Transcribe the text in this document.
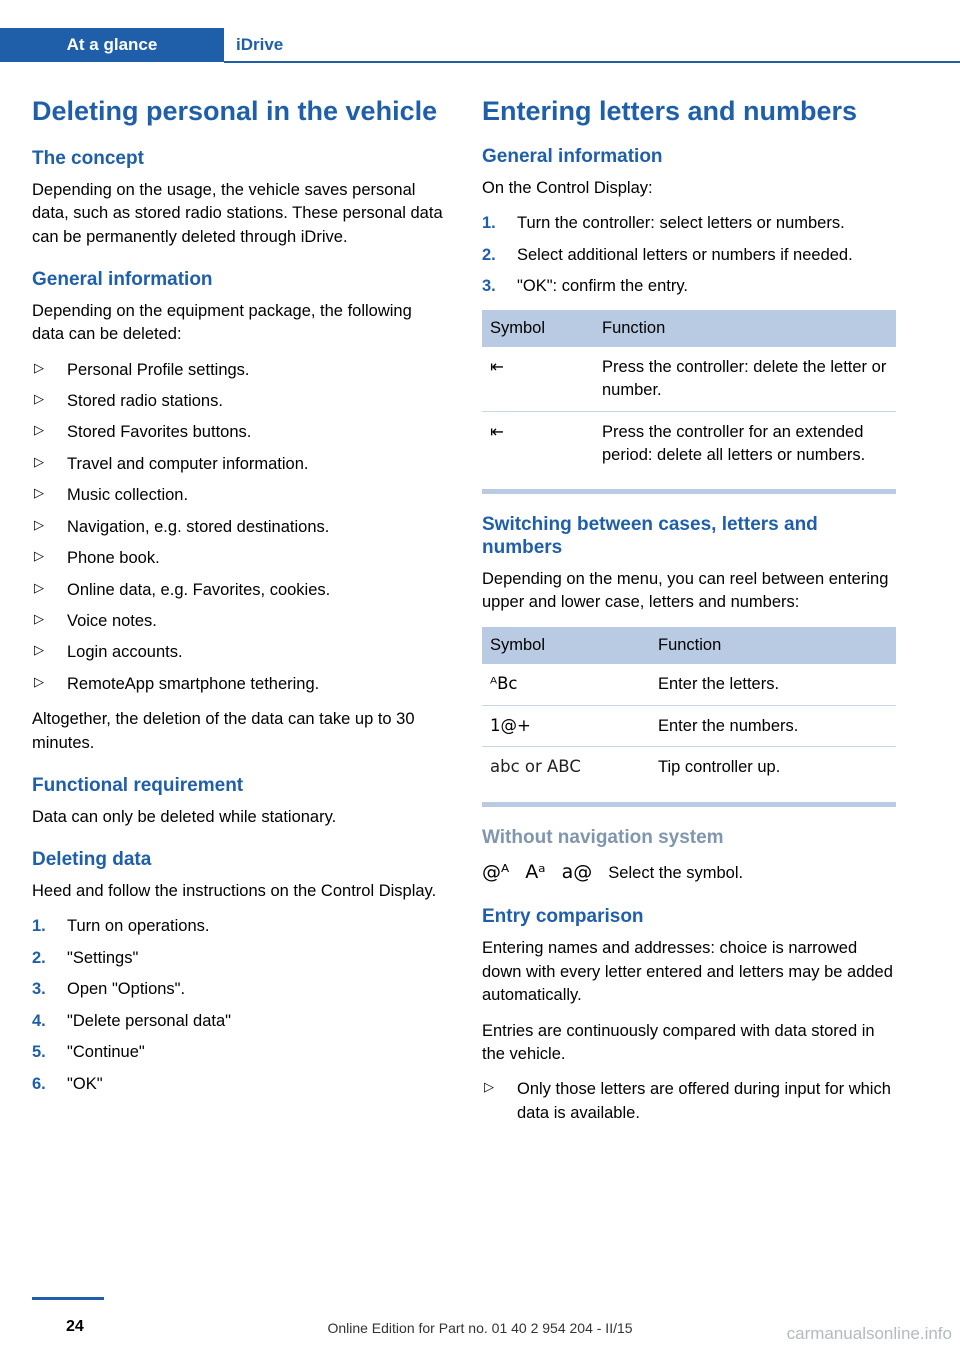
At a glance	iDrive
Deleting personal in the vehicle
The concept

Depending on the usage, the vehicle saves personal data, such as stored radio stations. These personal data can be permanently deleted through iDrive.

General information

Depending on the equipment package, the following data can be deleted:

▷ Personal Profile settings.
▷ Stored radio stations.
▷ Stored Favorites buttons.
▷ Travel and computer information.
▷ Music collection.
▷ Navigation, e.g. stored destinations.
▷ Phone book.
▷ Online data, e.g. Favorites, cookies.
▷ Voice notes.
▷ Login accounts.
▷ RemoteApp smartphone tethering.

Altogether, the deletion of the data can take up to 30 minutes.

Functional requirement

Data can only be deleted while stationary.

Deleting data

Heed and follow the instructions on the Control Display.

1. Turn on operations.
2. "Settings"
3. Open "Options".
4. "Delete personal data"
5. "Continue"
6. "OK"
Entering letters and numbers
General information

On the Control Display:

1. Turn the controller: select letters or numbers.
2. Select additional letters or numbers if needed.
3. "OK": confirm the entry.
Symbol	Function
⇤	Press the controller: delete the letter or number.
⇤	Press the controller for an extended period: delete all letters or numbers.
Switching between cases, letters and numbers

Depending on the menu, you can reel between entering upper and lower case, letters and numbers:

Symbol	Function
ᴬBᴄ	Enter the letters.
1@+	Enter the numbers.
abc or ABC	Tip controller up.
Without navigation system

@ᴬ Aᵃ a@ Select the symbol.

Entry comparison

Entering names and addresses: choice is narrowed down with every letter entered and letters may be added automatically.

Entries are continuously compared with data stored in the vehicle.

▷ Only those letters are offered during input for which data is available.
24	Online Edition for Part no. 01 40 2 954 204 - II/15	carmanualsonline.info
